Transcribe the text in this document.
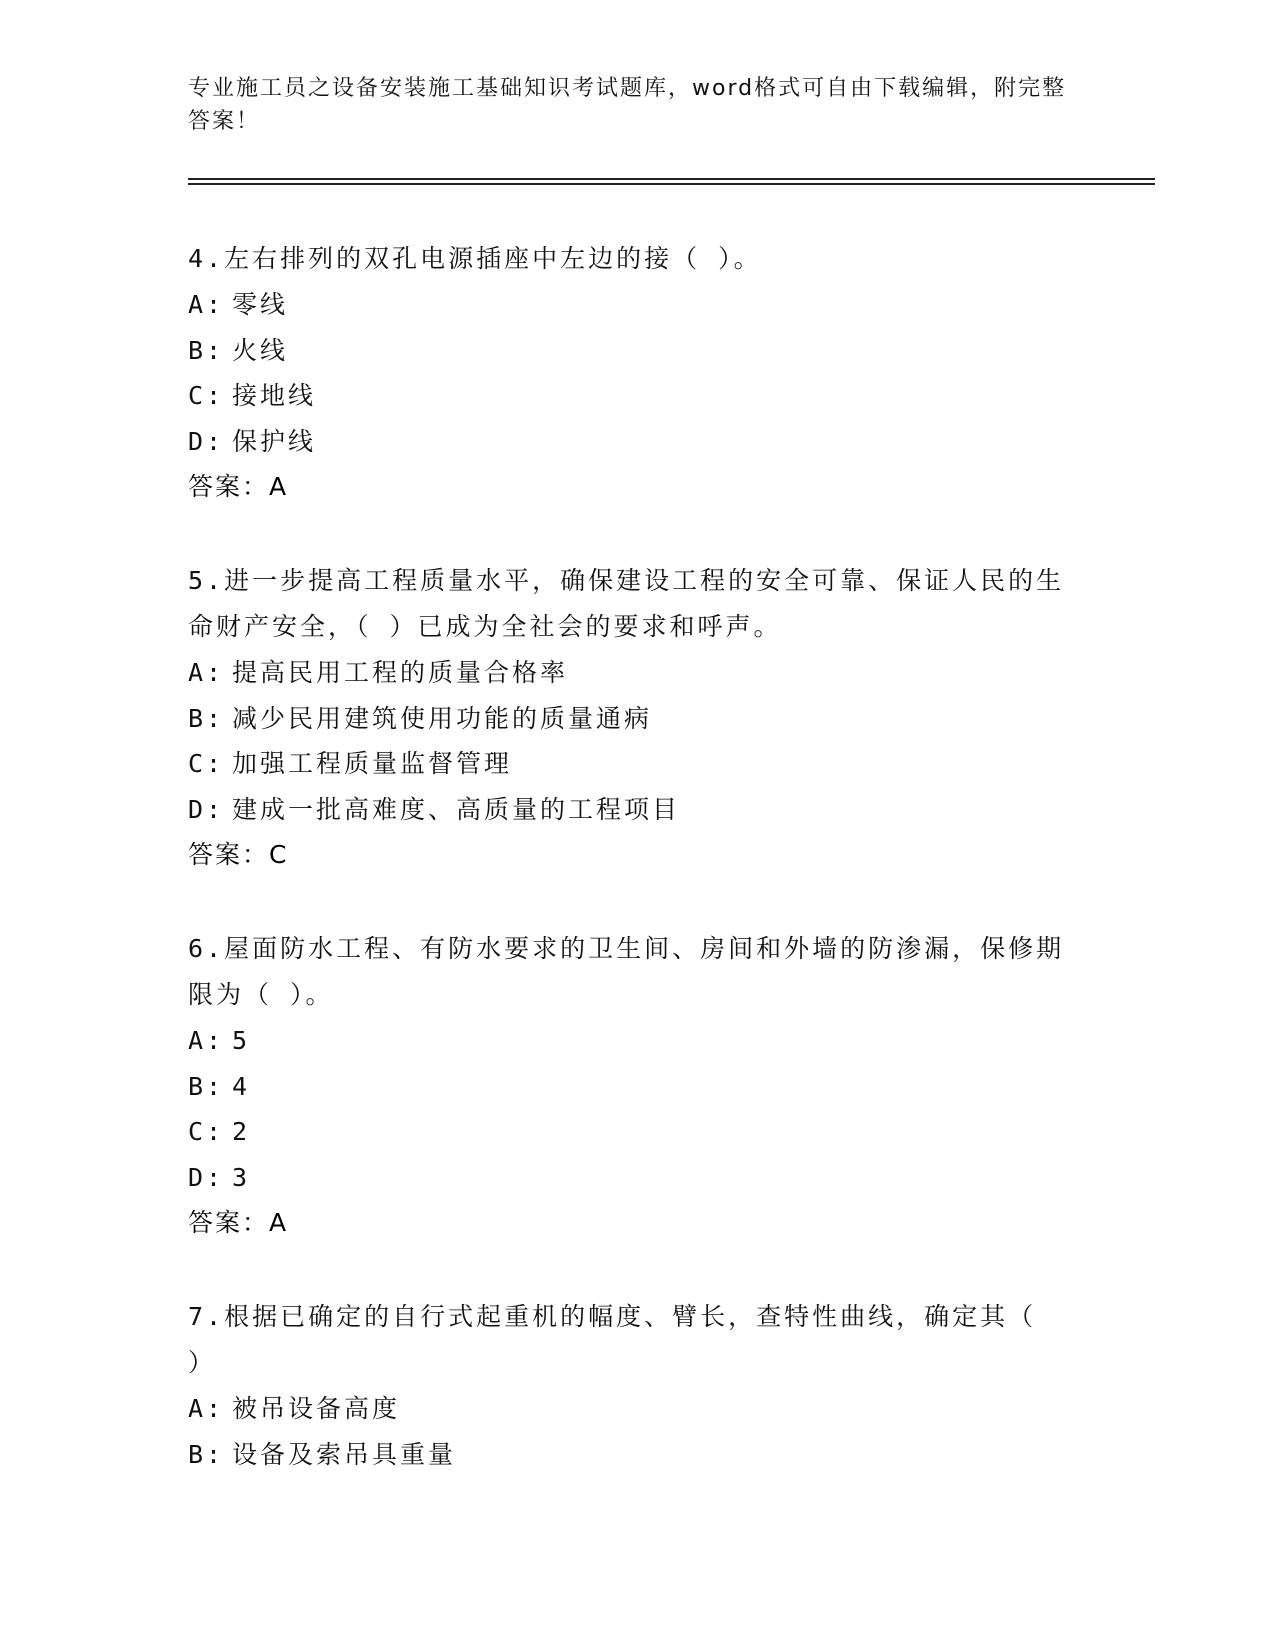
专业施工员之设备安装施工基础知识考试题库，word格式可自由下载编辑，附完整答案！

4.左右排列的双孔电源插座中左边的接（ ）。

A: 零线
B: 火线
C: 接地线
D: 保护线
答案：A

5.进一步提高工程质量水平，确保建设工程的安全可靠、保证人民的生命财产安全，（ ）已成为全社会的要求和呼声。

A: 提高民用工程的质量合格率
B: 减少民用建筑使用功能的质量通病
C: 加强工程质量监督管理
D: 建成一批高难度、高质量的工程项目
答案：C

6.屋面防水工程、有防水要求的卫生间、房间和外墙的防渗漏，保修期限为（ ）。

A: 5
B: 4
C: 2
D: 3
答案：A

7.根据已确定的自行式起重机的幅度、臂长，查特性曲线，确定其（ ）

A: 被吊设备高度
B: 设备及索吊具重量
